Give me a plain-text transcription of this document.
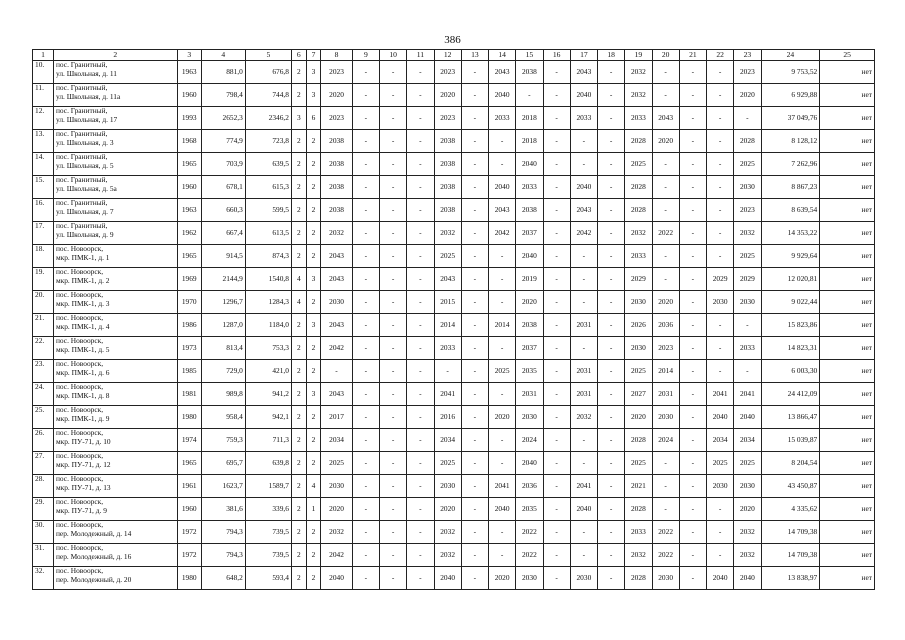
386
1	2	3	4	5	6	7	8	9	10	11	12	13	14	15	16	17	18	19	20	21	22	23	24	25
10.	пос. Гранитный,
ул. Школьная, д. 11	1963	881,0	676,8	2	3	2023	-	-	-	2023	-	2043	2038	-	2043	-	2032	-	-	-	2023	9 753,52	нет
11.	пос. Гранитный,
ул. Школьная, д. 11а	1960	798,4	744,8	2	3	2020	-	-	-	2020	-	2040	-	-	2040	-	2032	-	-	-	2020	6 929,88	нет
12.	пос. Гранитный,
ул. Школьная, д. 17	1993	2652,3	2346,2	3	6	2023	-	-	-	2023	-	2033	2018	-	2033	-	2033	2043	-	-	-	37 049,76	нет
13.	пос. Гранитный,
ул. Школьная, д. 3	1968	774,9	723,8	2	2	2038	-	-	-	2038	-	-	2018	-	-	-	2028	2020	-	-	2028	8 128,12	нет
14.	пос. Гранитный,
ул. Школьная, д. 5	1965	703,9	639,5	2	2	2038	-	-	-	2038	-	-	2040	-	-	-	2025	-	-	-	2025	7 262,96	нет
15.	пос. Гранитный,
ул. Школьная, д. 5а	1960	678,1	615,3	2	2	2038	-	-	-	2038	-	2040	2033	-	2040	-	2028	-	-	-	2030	8 867,23	нет
16.	пос. Гранитный,
ул. Школьная, д. 7	1963	660,3	599,5	2	2	2038	-	-	-	2038	-	2043	2038	-	2043	-	2028	-	-	-	2023	8 639,54	нет
17.	пос. Гранитный,
ул. Школьная, д. 9	1962	667,4	613,5	2	2	2032	-	-	-	2032	-	2042	2037	-	2042	-	2032	2022	-	-	2032	14 353,22	нет
18.	пос. Новоорск,
мкр. ПМК-1, д. 1	1965	914,5	874,3	2	2	2043	-	-	-	2025	-	-	2040	-	-	-	2033	-	-	-	2025	9 929,64	нет
19.	пос. Новоорск,
мкр. ПМК-1, д. 2	1969	2144,9	1540,8	4	3	2043	-	-	-	2043	-	-	2019	-	-	-	2029	-	-	2029	2029	12 020,81	нет
20.	пос. Новоорск,
мкр. ПМК-1, д. 3	1970	1296,7	1284,3	4	2	2030	-	-	-	2015	-	-	2020	-	-	-	2030	2020	-	2030	2030	9 022,44	нет
21.	пос. Новоорск,
мкр. ПМК-1, д. 4	1986	1287,0	1184,0	2	3	2043	-	-	-	2014	-	2014	2038	-	2031	-	2026	2036	-	-	-	15 823,86	нет
22.	пос. Новоорск,
мкр. ПМК-1, д. 5	1973	813,4	753,3	2	2	2042	-	-	-	2033	-	-	2037	-	-	-	2030	2023	-	-	2033	14 823,31	нет
23.	пос. Новоорск,
мкр. ПМК-1, д. 6	1985	729,0	421,0	2	2	-	-	-	-	-	-	2025	2035	-	2031	-	2025	2014	-	-	-	6 003,30	нет
24.	пос. Новоорск,
мкр. ПМК-1, д. 8	1981	989,8	941,2	2	3	2043	-	-	-	2041	-	-	2031	-	2031	-	2027	2031	-	2041	2041	24 412,09	нет
25.	пос. Новоорск,
мкр. ПМК-1, д. 9	1980	958,4	942,1	2	2	2017	-	-	-	2016	-	2020	2030	-	2032	-	2020	2030	-	2040	2040	13 866,47	нет
26.	пос. Новоорск,
мкр. ПУ-71, д. 10	1974	759,3	711,3	2	2	2034	-	-	-	2034	-	-	2024	-	-	-	2028	2024	-	2034	2034	15 039,87	нет
27.	пос. Новоорск,
мкр. ПУ-71, д. 12	1965	695,7	639,8	2	2	2025	-	-	-	2025	-	-	2040	-	-	-	2025	-	-	2025	2025	8 204,54	нет
28.	пос. Новоорск,
мкр. ПУ-71, д. 13	1961	1623,7	1589,7	2	4	2030	-	-	-	2030	-	2041	2036	-	2041	-	2021	-	-	2030	2030	43 450,87	нет
29.	пос. Новоорск,
мкр. ПУ-71, д. 9	1960	381,6	339,6	2	1	2020	-	-	-	2020	-	2040	2035	-	2040	-	2028	-	-	-	2020	4 335,62	нет
30.	пос. Новоорск,
пер. Молодежный, д. 14	1972	794,3	739,5	2	2	2032	-	-	-	2032	-	-	2022	-	-	-	2033	2022	-	-	2032	14 709,38	нет
31.	пос. Новоорск,
пер. Молодежный, д. 16	1972	794,3	739,5	2	2	2042	-	-	-	2032	-	-	2022	-	-	-	2032	2022	-	-	2032	14 709,38	нет
32.	пос. Новоорск,
пер. Молодежный, д. 20	1980	648,2	593,4	2	2	2040	-	-	-	2040	-	2020	2030	-	2030	-	2028	2030	-	2040	2040	13 838,97	нет
